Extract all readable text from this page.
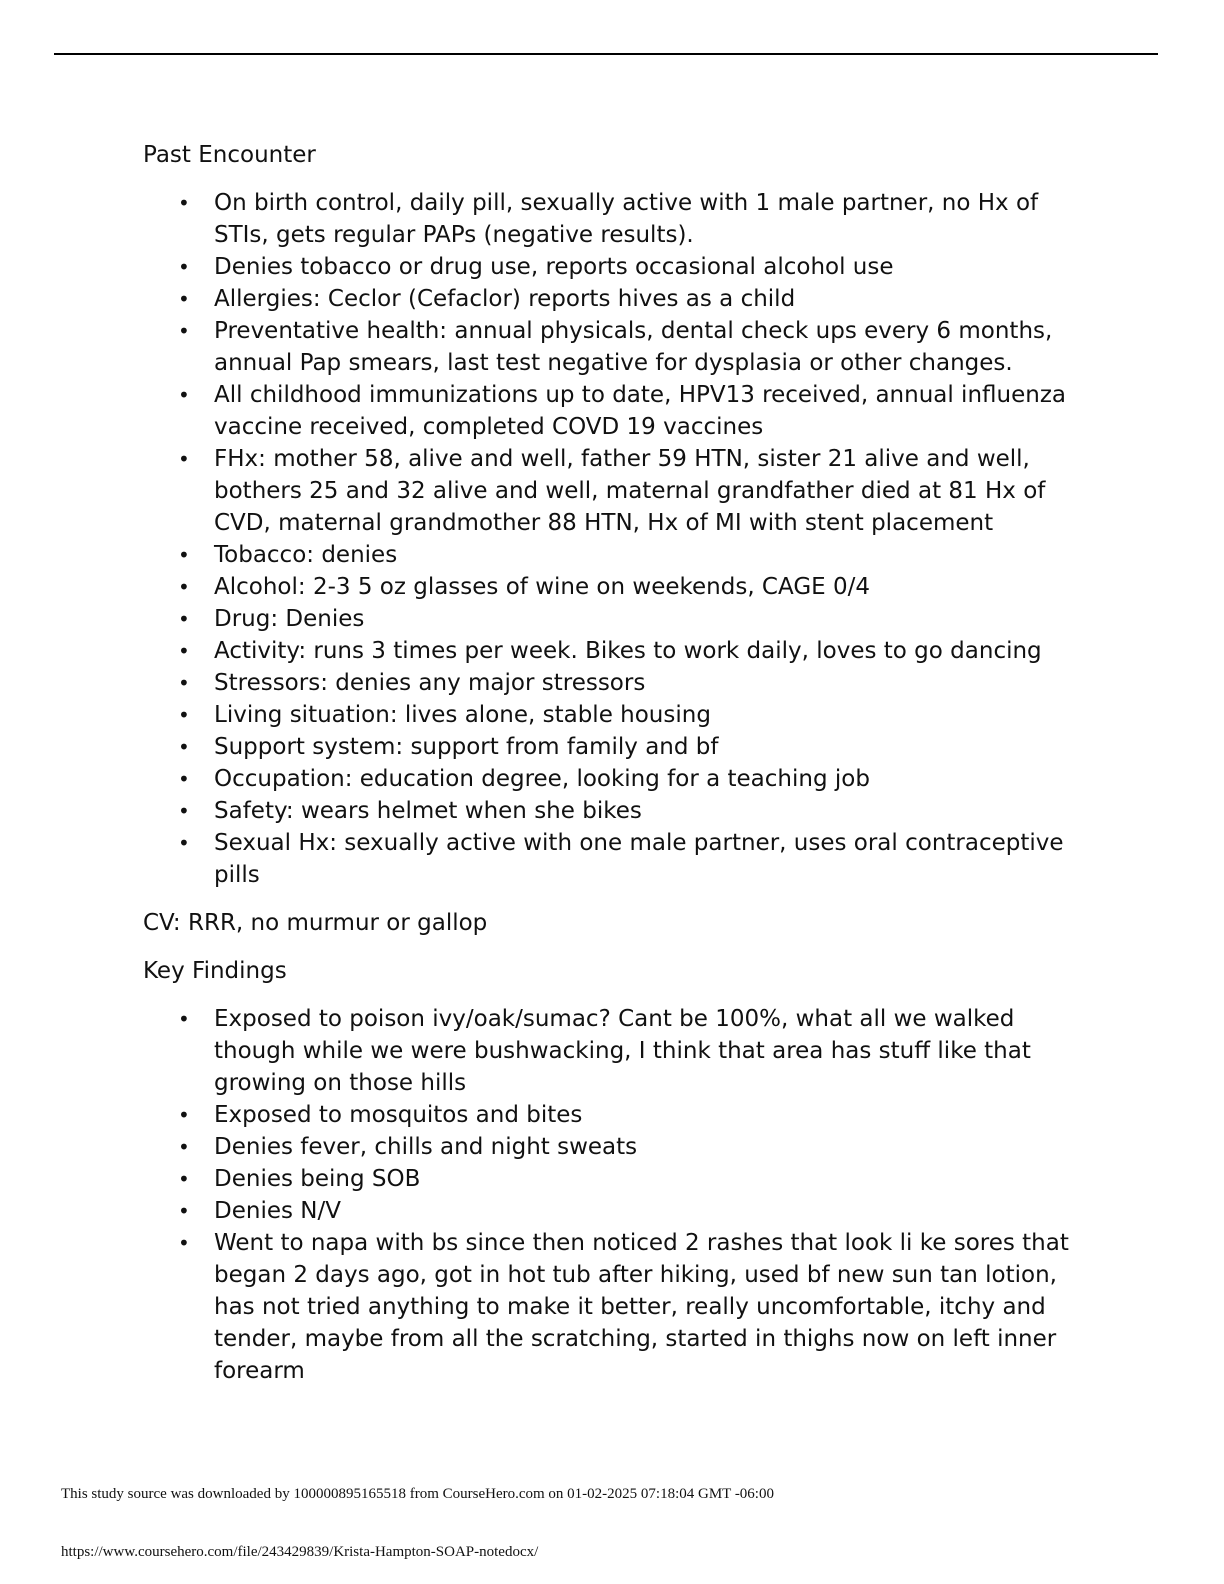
Past Encounter
• On birth control, daily pill, sexually active with 1 male partner, no Hx of STIs, gets regular PAPs (negative results).
• Denies tobacco or drug use, reports occasional alcohol use
• Allergies: Ceclor (Cefaclor) reports hives as a child
• Preventative health: annual physicals, dental check ups every 6 months, annual Pap smears, last test negative for dysplasia or other changes.
• All childhood immunizations up to date, HPV13 received, annual influenza vaccine received, completed COVD 19 vaccines
• FHx: mother 58, alive and well, father 59 HTN, sister 21 alive and well, bothers 25 and 32 alive and well, maternal grandfather died at 81 Hx of CVD, maternal grandmother 88 HTN, Hx of MI with stent placement
• Tobacco: denies
• Alcohol: 2-3 5 oz glasses of wine on weekends, CAGE 0/4
• Drug: Denies
• Activity: runs 3 times per week. Bikes to work daily, loves to go dancing
• Stressors: denies any major stressors
• Living situation: lives alone, stable housing
• Support system: support from family and bf
• Occupation: education degree, looking for a teaching job
• Safety: wears helmet when she bikes
• Sexual Hx: sexually active with one male partner, uses oral contraceptive pills
CV: RRR, no murmur or gallop
Key Findings
• Exposed to poison ivy/oak/sumac? Cant be 100%, what all we walked though while we were bushwacking, I think that area has stuff like that growing on those hills
• Exposed to mosquitos and bites
• Denies fever, chills and night sweats
• Denies being SOB
• Denies N/V
• Went to napa with bs since then noticed 2 rashes that look li ke sores that began 2 days ago, got in hot tub after hiking, used bf new sun tan lotion, has not tried anything to make it better, really uncomfortable, itchy and tender, maybe from all the scratching, started in thighs now on left inner forearm
This study source was downloaded by 100000895165518 from CourseHero.com on 01-02-2025 07:18:04 GMT -06:00
https://www.coursehero.com/file/243429839/Krista-Hampton-SOAP-notedocx/
